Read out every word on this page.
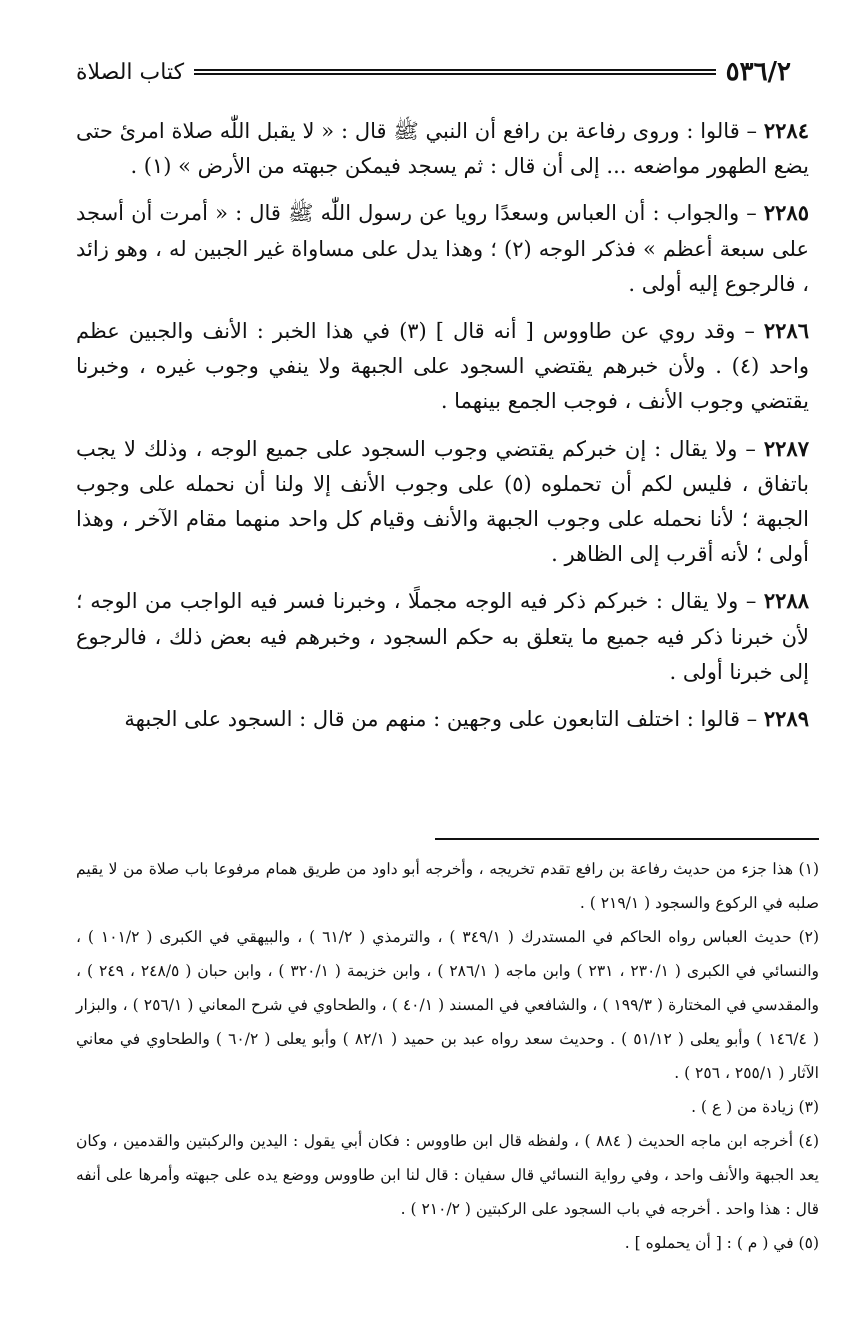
٥٣٦/٢
كتاب الصلاة

٢٢٨٤ – قالوا : وروى رفاعة بن رافع أن النبي ﷺ قال : « لا يقبل اللّٰه صلاة امرئ حتى يضع الطهور مواضعه ... إلى أن قال : ثم يسجد فيمكن جبهته من الأرض » (١) .

٢٢٨٥ – والجواب : أن العباس وسعدًا رويا عن رسول اللّٰه ﷺ قال : « أمرت أن أسجد على سبعة أعظم » فذكر الوجه (٢) ؛ وهذا يدل على مساواة غير الجبين له ، وهو زائد ، فالرجوع إليه أولى .

٢٢٨٦ – وقد روي عن طاووس [ أنه قال ] (٣) في هذا الخبر : الأنف والجبين عظم واحد (٤) . ولأن خبرهم يقتضي السجود على الجبهة ولا ينفي وجوب غيره ، وخبرنا يقتضي وجوب الأنف ، فوجب الجمع بينهما .

٢٢٨٧ – ولا يقال : إن خبركم يقتضي وجوب السجود على جميع الوجه ، وذلك لا يجب باتفاق ، فليس لكم أن تحملوه (٥) على وجوب الأنف إلا ولنا أن نحمله على وجوب الجبهة ؛ لأنا نحمله على وجوب الجبهة والأنف وقيام كل واحد منهما مقام الآخر ، وهذا أولى ؛ لأنه أقرب إلى الظاهر .

٢٢٨٨ – ولا يقال : خبركم ذكر فيه الوجه مجملًا ، وخبرنا فسر فيه الواجب من الوجه ؛ لأن خبرنا ذكر فيه جميع ما يتعلق به حكم السجود ، وخبرهم فيه بعض ذلك ، فالرجوع إلى خبرنا أولى .

٢٢٨٩ – قالوا : اختلف التابعون على وجهين : منهم من قال : السجود على الجبهة

(١) هذا جزء من حديث رفاعة بن رافع تقدم تخريجه ، وأخرجه أبو داود من طريق همام مرفوعا باب صلاة من لا يقيم صلبه في الركوع والسجود ( ٢١٩/١ ) .

(٢) حديث العباس رواه الحاكم في المستدرك ( ٣٤٩/١ ) ، والترمذي ( ٦١/٢ ) ، والبيهقي في الكبرى ( ١٠١/٢ ) ، والنسائي في الكبرى ( ٢٣٠/١ ، ٢٣١ ) وابن ماجه ( ٢٨٦/١ ) ، وابن خزيمة ( ٣٢٠/١ ) ، وابن حبان ( ٢٤٨/٥ ، ٢٤٩ ) ، والمقدسي في المختارة ( ١٩٩/٣ ) ، والشافعي في المسند ( ٤٠/١ ) ، والطحاوي في شرح المعاني ( ٢٥٦/١ ) ، والبزار ( ١٤٦/٤ ) وأبو يعلى ( ٥١/١٢ ) . وحديث سعد رواه عبد بن حميد ( ٨٢/١ ) وأبو يعلى ( ٦٠/٢ ) والطحاوي في معاني الآثار ( ٢٥٥/١ ، ٢٥٦ ) .

(٣) زيادة من ( ع ) .

(٤) أخرجه ابن ماجه الحديث ( ٨٨٤ ) ، ولفظه قال ابن طاووس : فكان أبي يقول : اليدين والركبتين والقدمين ، وكان يعد الجبهة والأنف واحد ، وفي رواية النسائي قال سفيان : قال لنا ابن طاووس ووضع يده على جبهته وأمرها على أنفه قال : هذا واحد . أخرجه في باب السجود على الركبتين ( ٢١٠/٢ ) .

(٥) في ( م ) : [ أن يحملوه ] .
